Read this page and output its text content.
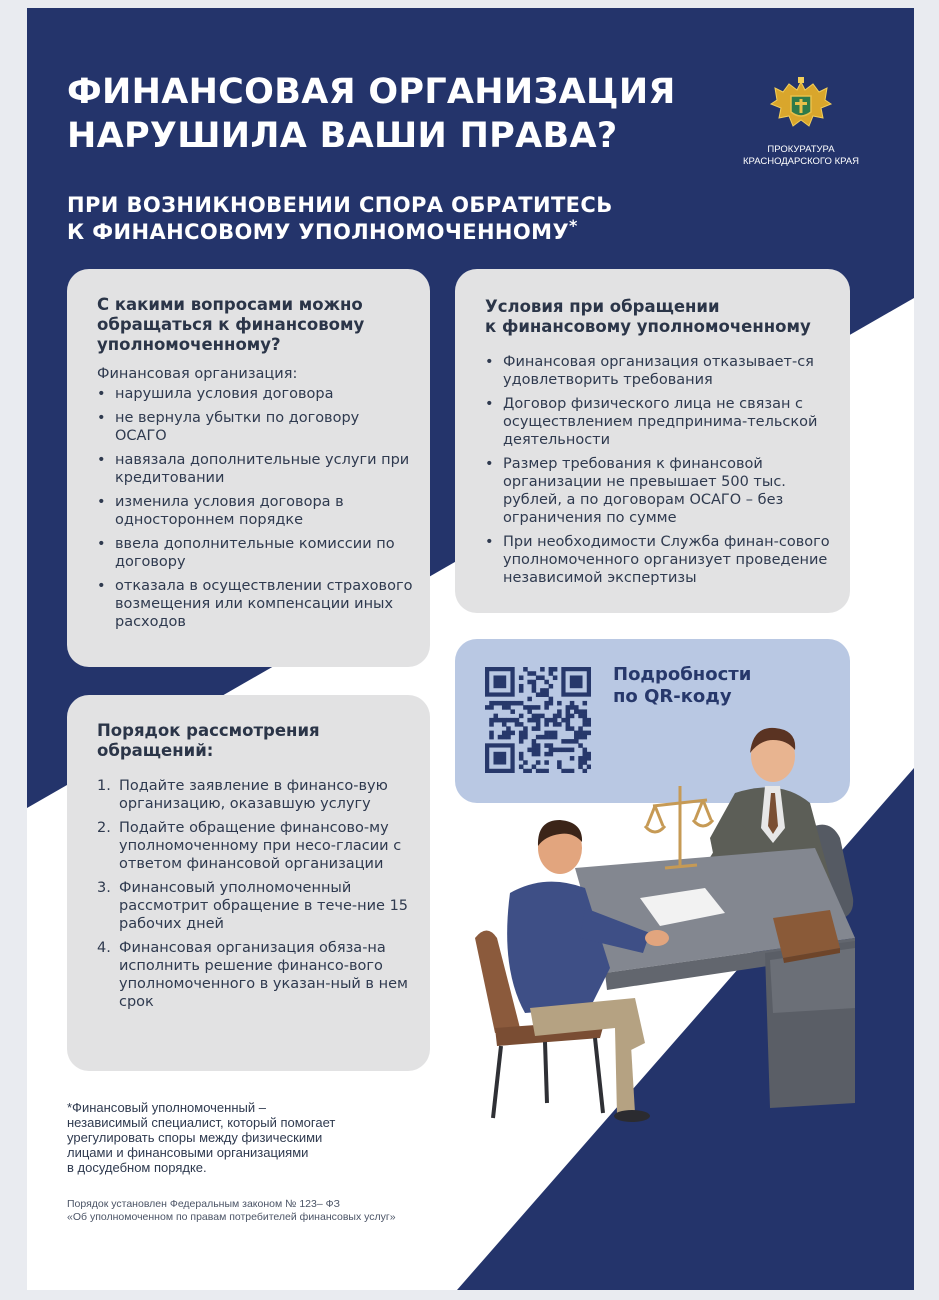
ФИНАНСОВАЯ ОРГАНИЗАЦИЯ
НАРУШИЛА ВАШИ ПРАВА?
ПРИ ВОЗНИКНОВЕНИИ СПОРА ОБРАТИТЕСЬ
К ФИНАНСОВОМУ УПОЛНОМОЧЕННОМУ*
ПРОКУРАТУРА
КРАСНОДАРСКОГО КРАЯ
С какими вопросами можно
обращаться к финансовому
уполномоченному?

Финансовая организация:

• нарушила условия договора
• не вернула убытки по договору ОСАГО
• навязала дополнительные услуги при кредитовании
• изменила условия договора в одностороннем порядке
• ввела дополнительные комиссии по договору
• отказала в осуществлении страхового возмещения или компенсации иных расходов
Условия при обращении
к финансовому уполномоченному
• Финансовая организация отказывает-ся удовлетворить требования
• Договор физического лица не связан с осуществлением предпринима-тельской деятельности
• Размер требования к финансовой организации не превышает 500 тыс. рублей, а по договорам ОСАГО – без ограничения по сумме
• При необходимости Служба финан-сового уполномоченного организует проведение независимой экспертизы
Порядок рассмотрения
обращений:
1. Подайте заявление в финансо-вую организацию, оказавшую услугу
2. Подайте обращение финансово-му уполномоченному при несо-гласии с ответом финансовой организации
3. Финансовый уполномоченный рассмотрит обращение в тече-ние 15 рабочих дней
4. Финансовая организация обяза-на исполнить решение финансо-вого уполномоченного в указан-ный в нем срок

Подробности
по QR-коду

*Финансовый уполномоченный –
независимый специалист, который помогает
урегулировать споры между физическими
лицами и финансовыми организациями
в досудебном порядке.

Порядок установлен Федеральным законом № 123– ФЗ
«Об уполномоченном по правам потребителей финансовых услуг»
